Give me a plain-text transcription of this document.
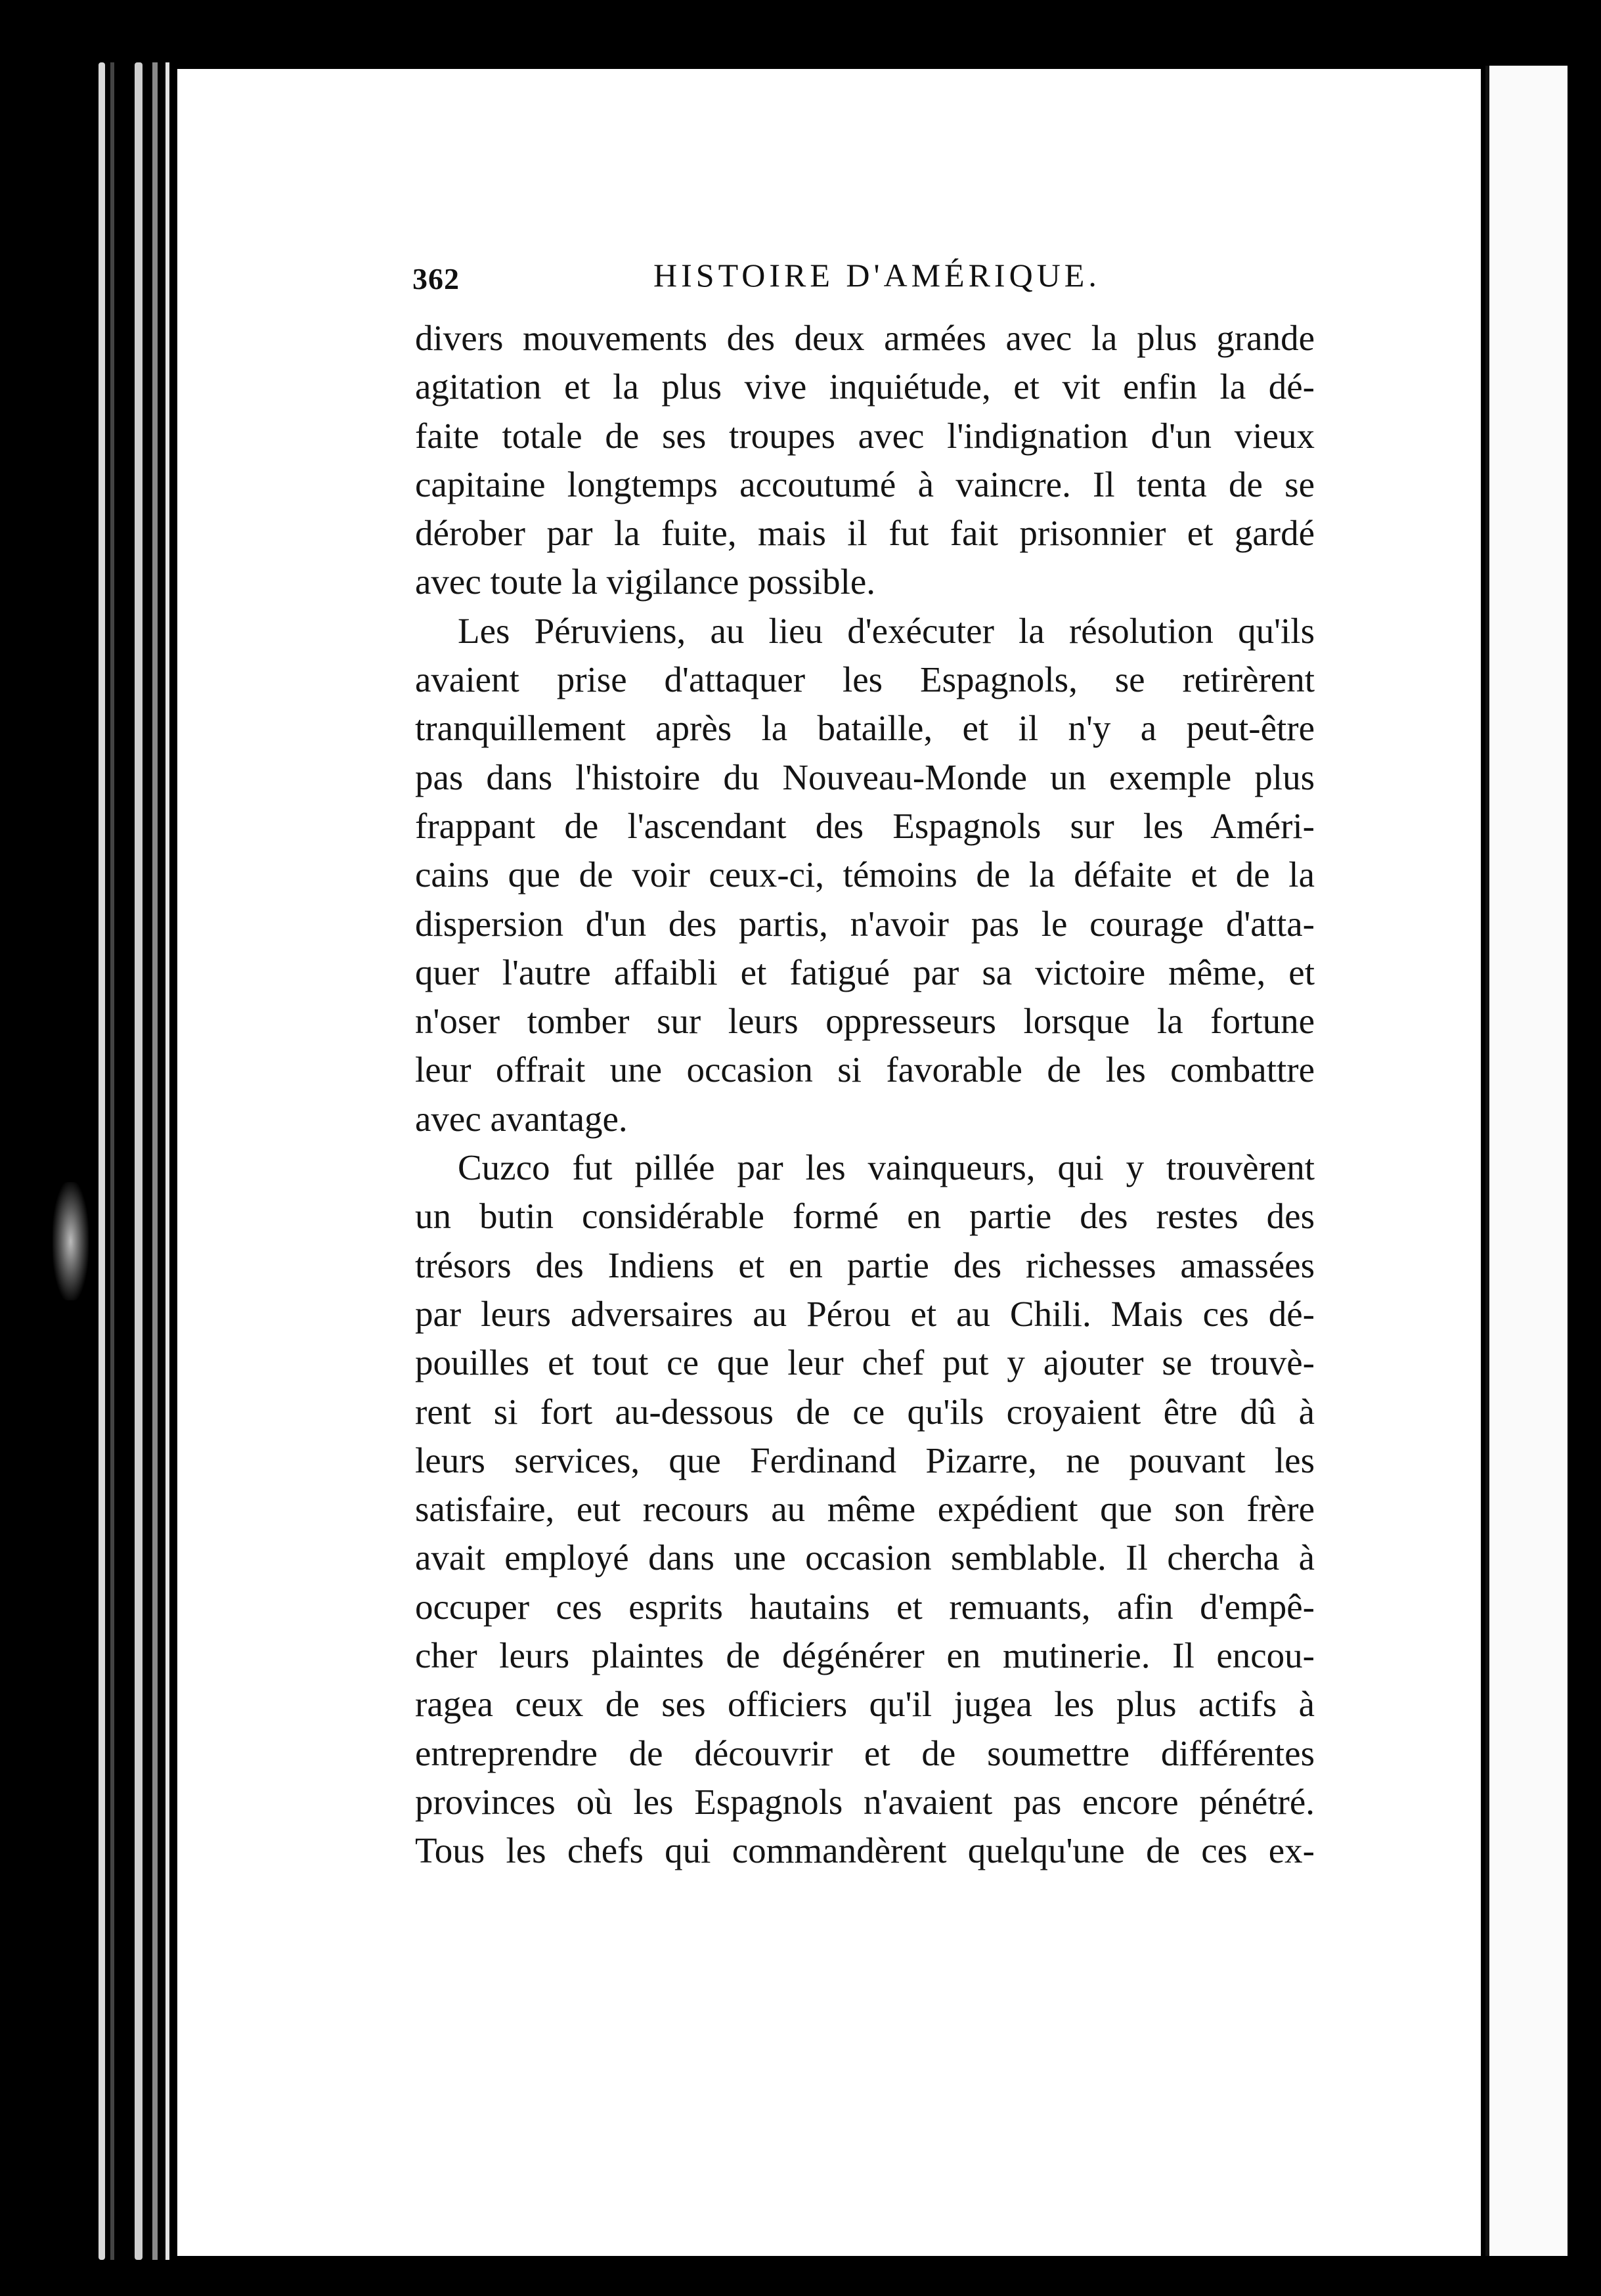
362	HISTOIRE D'AMÉRIQUE.
divers mouvements des deux armées avec la plus grande
agitation et la plus vive inquiétude, et vit enfin la dé-
faite totale de ses troupes avec l'indignation d'un vieux
capitaine longtemps accoutumé à vaincre. Il tenta de se
dérober par la fuite, mais il fut fait prisonnier et gardé
avec toute la vigilance possible.
Les Péruviens, au lieu d'exécuter la résolution qu'ils
avaient prise d'attaquer les Espagnols, se retirèrent
tranquillement après la bataille, et il n'y a peut-être
pas dans l'histoire du Nouveau-Monde un exemple plus
frappant de l'ascendant des Espagnols sur les Améri-
cains que de voir ceux-ci, témoins de la défaite et de la
dispersion d'un des partis, n'avoir pas le courage d'atta-
quer l'autre affaibli et fatigué par sa victoire même, et
n'oser tomber sur leurs oppresseurs lorsque la fortune
leur offrait une occasion si favorable de les combattre
avec avantage.
Cuzco fut pillée par les vainqueurs, qui y trouvèrent
un butin considérable formé en partie des restes des
trésors des Indiens et en partie des richesses amassées
par leurs adversaires au Pérou et au Chili. Mais ces dé-
pouilles et tout ce que leur chef put y ajouter se trouvè-
rent si fort au-dessous de ce qu'ils croyaient être dû à
leurs services, que Ferdinand Pizarre, ne pouvant les
satisfaire, eut recours au même expédient que son frère
avait employé dans une occasion semblable. Il chercha à
occuper ces esprits hautains et remuants, afin d'empê-
cher leurs plaintes de dégénérer en mutinerie. Il encou-
ragea ceux de ses officiers qu'il jugea les plus actifs à
entreprendre de découvrir et de soumettre différentes
provinces où les Espagnols n'avaient pas encore pénétré.
Tous les chefs qui commandèrent quelqu'une de ces ex-
